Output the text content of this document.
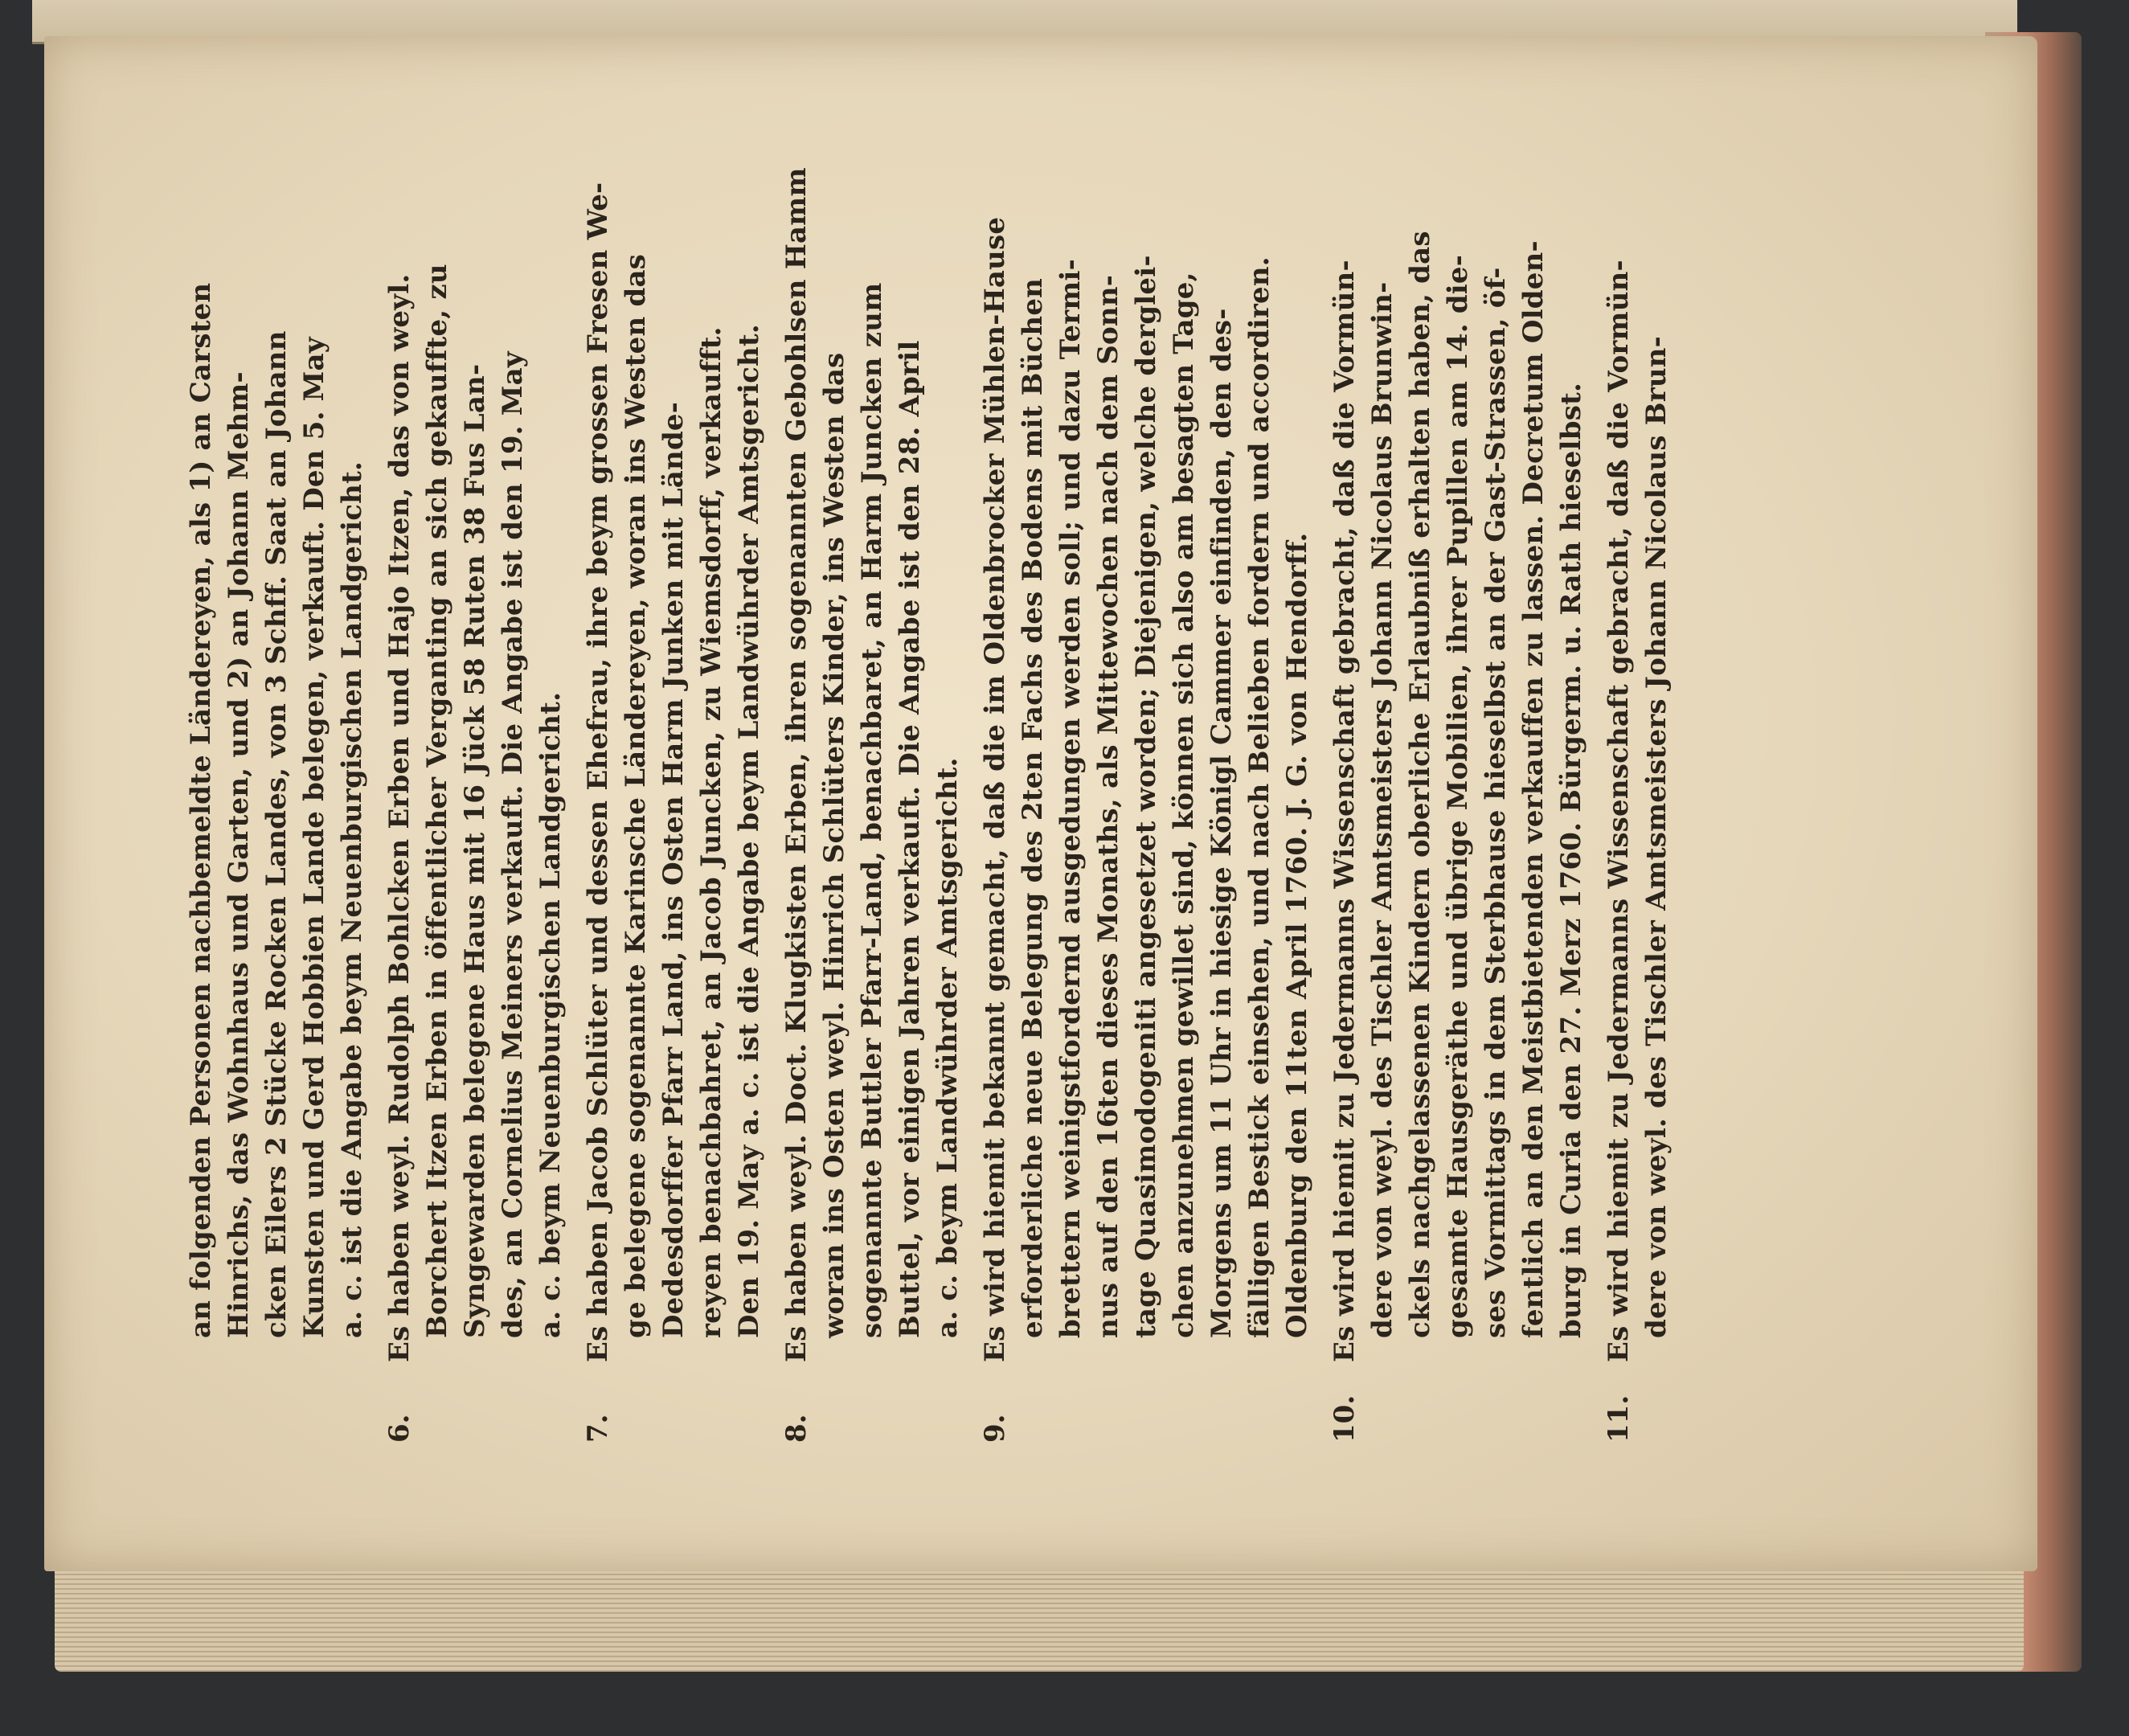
an folgenden Personen nachbemeldte Ländereyen, als 1) an Carsten Hinrichs, das Wohnhaus und Garten, und 2) an Johann Mehm- cken Eilers 2 Stücke Rocken Landes, von 3 Schff. Saat an Johann Kunsten und Gerd Hobbien Lande belegen, verkauft. Den 5. May a. c. ist die Angabe beym Neuenburgischen Landgericht.
6.
Es haben weyl. Rudolph Bohlcken Erben und Hajo Itzen, das von weyl. Borchert Itzen Erben in öffentlicher Verganting an sich gekauffte, zu Syngewarden belegene Haus mit 16 Jück 58 Ruten 38 Fus Lan- des, an Cornelius Meiners verkauft. Die Angabe ist den 19. May a. c. beym Neuenburgischen Landgericht.
7.
Es haben Jacob Schlüter und dessen Ehefrau, ihre beym grossen Fresen We- ge belegene sogenannte Karinsche Ländereyen, woran ins Westen das Dedesdorffer Pfarr Land, ins Osten Harm Junken mit Lände- reyen benachbahret, an Jacob Juncken, zu Wiemsdorff, verkaufft. Den 19. May a. c. ist die Angabe beym Landwührder Amtsgericht.
8.
Es haben weyl. Doct. Klugkisten Erben, ihren sogenannten Gebohlsen Hamm woran ins Osten weyl. Hinrich Schlüters Kinder, ins Westen das sogenannte Buttler Pfarr-Land, benachbaret, an Harm Juncken zum Buttel, vor einigen Jahren verkauft. Die Angabe ist den 28. April a. c. beym Landwührder Amtsgericht.
9.
Es wird hiemit bekannt gemacht, daß die im Oldenbrocker Mühlen-Hause erforderliche neue Belegung des 2ten Fachs des Bodens mit Büchen brettern weinigstfordernd ausgedungen werden soll; und dazu Termi- nus auf den 16ten dieses Monaths, als Mittewochen nach dem Sonn- tage Quasimodogeniti angesetzet worden; Diejenigen, welche derglei- chen anzunehmen gewillet sind, können sich also am besagten Tage, Morgens um 11 Uhr in hiesige Königl Cammer einfinden, den des- fälligen Bestick einsehen, und nach Belieben fordern und accordiren. Oldenburg den 11ten April 1760. J. G. von Hendorff.
10.
Es wird hiemit zu Jedermanns Wissenschaft gebracht, daß die Vormün- dere von weyl. des Tischler Amtsmeisters Johann Nicolaus Brunwin- ckels nachgelassenen Kindern oberliche Erlaubniß erhalten haben, das gesamte Hausgeräthe und übrige Mobilien, ihrer Pupillen am 14. die- ses Vormittags in dem Sterbhause hieselbst an der Gast-Strassen, öf- fentlich an den Meistbietenden verkauffen zu lassen. Decretum Olden- burg in Curia den 27. Merz 1760. Bürgerm. u. Rath hieselbst.
11.
Es wird hiemit zu Jedermanns Wissenschaft gebracht, daß die Vormün- dere von weyl. des Tischler Amtsmeisters Johann Nicolaus Brun-
